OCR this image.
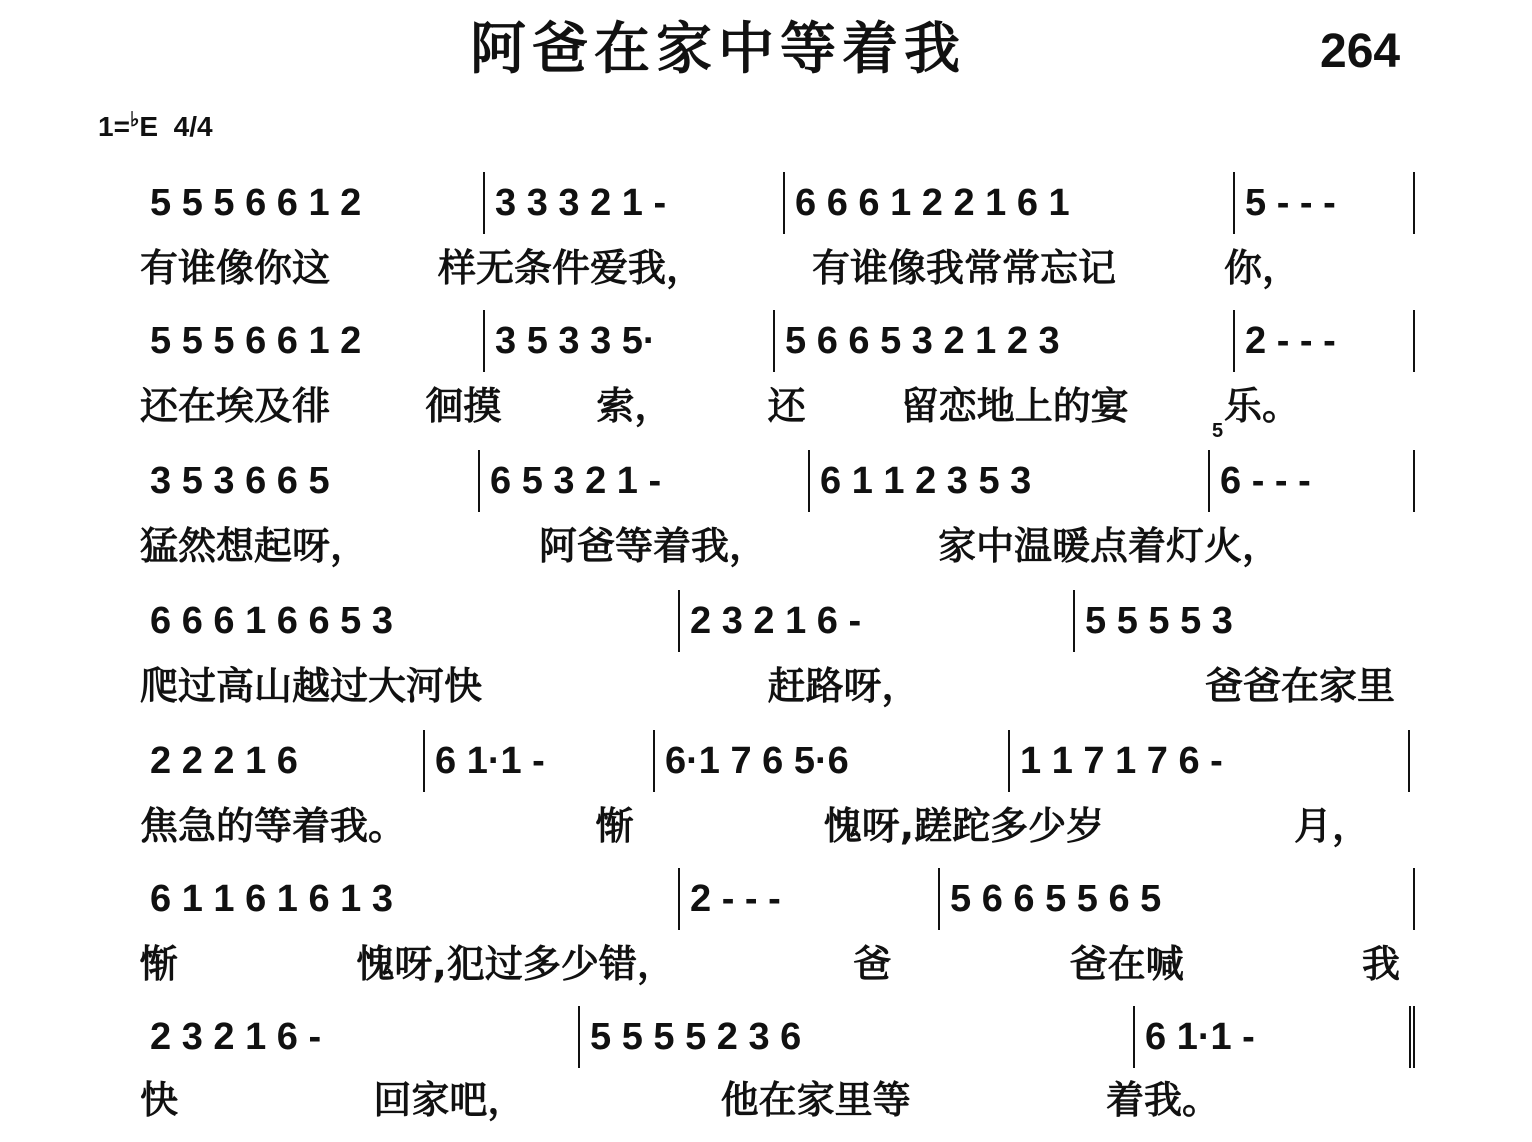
阿爸在家中等着我	264
1=♭E 4/4
5
5 5 5 6 6 1 2	3 3 3 2 1 -	6 6 6 1 2 2 1 6 1	5 - - -
有谁像你这	样无条件爱我，	有谁像我常常忘记	你，
5 5 5 6 6 1 2	3 5 3 3 5·	5 6 6 5 3 2 1 2 3	2 - - -
还在埃及徘	徊摸	索，	还	留恋地上的宴	乐。
3 5 3 6 6 5	6 5 3 2 1 -	6 1 1 2 3 5 3	6 - - -
猛然想起呀，	阿爸等着我，	家中温暖点着灯火，
6 6 6 1 6 6 5 3	2 3 2 1 6 -	5 5 5 5 3
爬过高山越过大河快	赶路呀，	爸爸在家里
2 2 2 1 6	6 1·1 -	6·1 7 6 5·6	1 1 7 1 7 6 -
焦急的等着我。	惭	愧呀,蹉跎多少岁	月，
6 1 1 6 1 6 1 3	2 - - -	5 6 6 5 5 6 5
惭	愧呀,犯过多少错，	爸	爸在喊	我
2 3 2 1 6 -	5 5 5 5 2 3 6	6 1·1 -
快	回家吧，	他在家里等	着我。
